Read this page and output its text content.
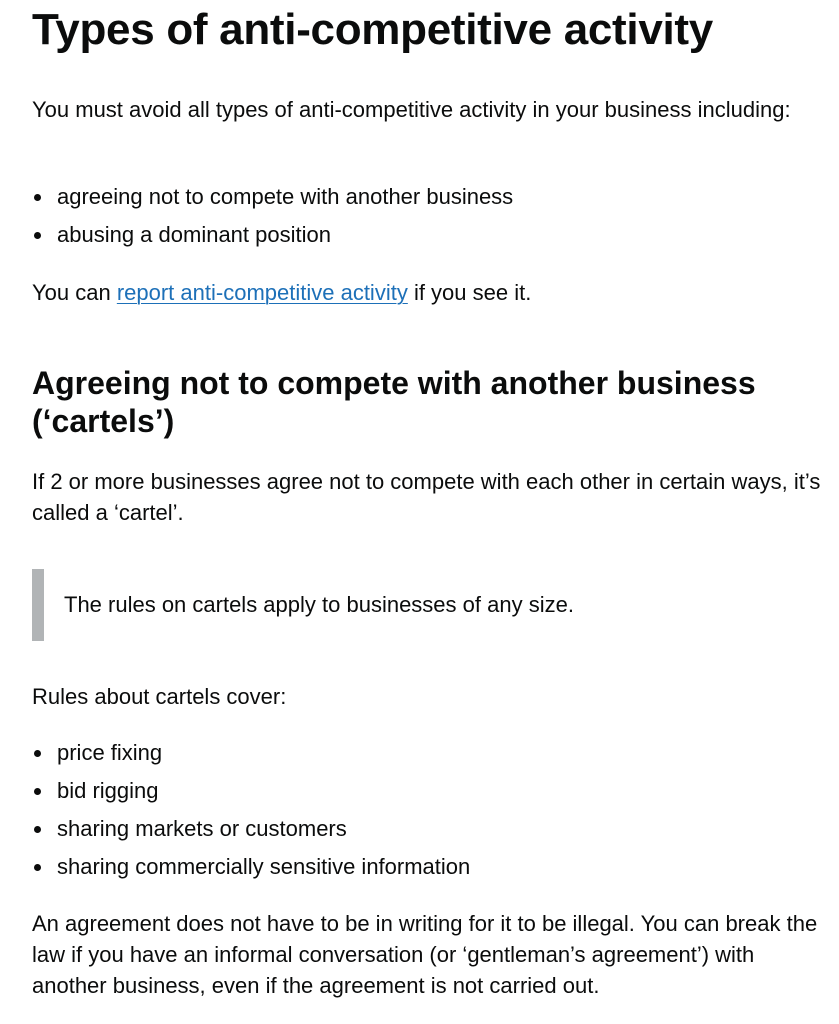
Types of anti-competitive activity

You must avoid all types of anti-competitive activity in your business including:

agreeing not to compete with another business
abusing a dominant position

You can report anti-competitive activity if you see it.

Agreeing not to compete with another business (‘cartels’)

If 2 or more businesses agree not to compete with each other in certain ways, it’s called a ‘cartel’.

The rules on cartels apply to businesses of any size.

Rules about cartels cover:

price fixing
bid rigging
sharing markets or customers
sharing commercially sensitive information

An agreement does not have to be in writing for it to be illegal. You can break the law if you have an informal conversation (or ‘gentleman’s agreement’) with another business, even if the agreement is not carried out.
